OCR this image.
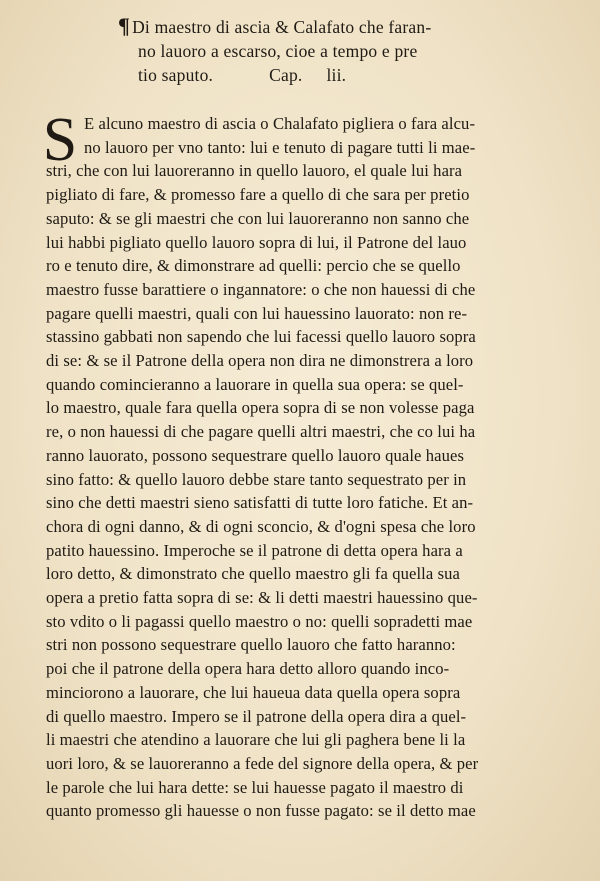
¶ Di maestro di ascia & Calafato che faran-
no lauoro a escarso, cioe a tempo e pre
tio saputo.	Cap. lii.
S E alcuno maestro di ascia o Chalafato pigliera o fara alcu-
no lauoro per vno tanto: lui e tenuto di pagare tutti li mae-
stri, che con lui lauoreranno in quello lauoro, el quale lui hara
pigliato di fare, & promesso fare a quello di che sara per pretio
saputo: & se gli maestri che con lui lauoreranno non sanno che
lui habbi pigliato quello lauoro sopra di lui, il Patrone del lauo
ro e tenuto dire, & dimonstrare ad quelli: percio che se quello
maestro fusse barattiere o ingannatore: o che non hauessi di che
pagare quelli maestri, quali con lui hauessino lauorato: non re-
stassino gabbati non sapendo che lui facessi quello lauoro sopra
di se: & se il Patrone della opera non dira ne dimonstrera a loro
quando comincieranno a lauorare in quella sua opera: se quel-
lo maestro, quale fara quella opera sopra di se non volesse paga
re, o non hauessi di che pagare quelli altri maestri, che co lui ha
ranno lauorato, possono sequestrare quello lauoro quale haues
sino fatto: & quello lauoro debbe stare tanto sequestrato per in
sino che detti maestri sieno satisfatti di tutte loro fatiche. Et an-
chora di ogni danno, & di ogni sconcio, & d'ogni spesa che loro
patito hauessino. Imperoche se il patrone di detta opera hara a
loro detto, & dimonstrato che quello maestro gli fa quella sua
opera a pretio fatta sopra di se: & li detti maestri hauessino que-
sto vdito o li pagassi quello maestro o no: quelli sopradetti mae
stri non possono sequestrare quello lauoro che fatto haranno:
poi che il patrone della opera hara detto alloro quando inco-
minciorono a lauorare, che lui haueua data quella opera sopra
di quello maestro. Impero se il patrone della opera dira a quel-
li maestri che atendino a lauorare che lui gli paghera bene li la
uori loro, & se lauoreranno a fede del signore della opera, & per
le parole che lui hara dette: se lui hauesse pagato il maestro di
quanto promesso gli hauesse o non fusse pagato: se il detto mae
